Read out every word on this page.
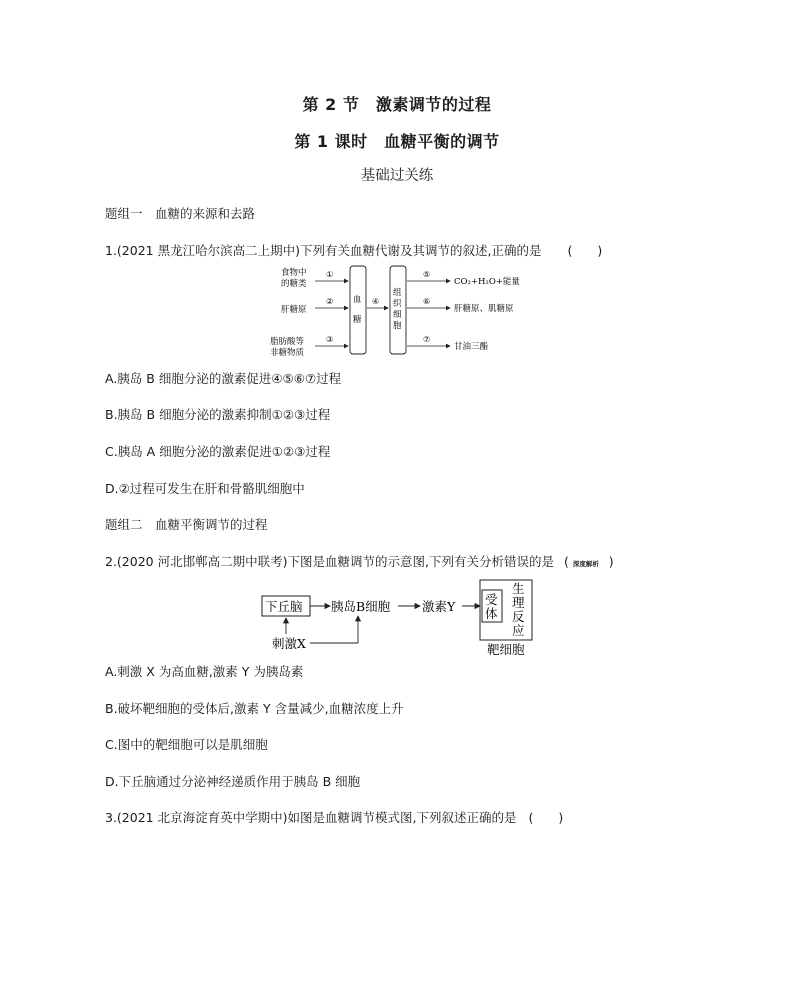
第 2 节　激素调节的过程
第 1 课时　血糖平衡的调节
基础过关练
题组一　血糖的来源和去路
1.(2021 黑龙江哈尔滨高二上期中)下列有关血糖代谢及其调节的叙述,正确的是 (　　)
食物中
的糖类
肝糖原
脂肪酸等
非糖物质
①
②
③
血
糖
④
组
织
细
胞
⑤
⑥
⑦
CO₂+H₂O+能量
肝糖原、肌糖原
甘油三酯
A.胰岛 B 细胞分泌的激素促进④⑤⑥⑦过程
B.胰岛 B 细胞分泌的激素抑制①②③过程
C.胰岛 A 细胞分泌的激素促进①②③过程
D.②过程可发生在肝和骨骼肌细胞中
题组二　血糖平衡调节的过程
2.(2020 河北邯郸高二期中联考)下图是血糖调节的示意图,下列有关分析错误的是 ( 深度解析 )
下丘脑 胰岛B细胞	激素Y 受
体
生
理
反
应
刺激X	靶细胞
A.刺激 X 为高血糖,激素 Y 为胰岛素
B.破坏靶细胞的受体后,激素 Y 含量减少,血糖浓度上升
C.图中的靶细胞可以是肌细胞
D.下丘脑通过分泌神经递质作用于胰岛 B 细胞
3.(2021 北京海淀育英中学期中)如图是血糖调节模式图,下列叙述正确的是 (　　)
